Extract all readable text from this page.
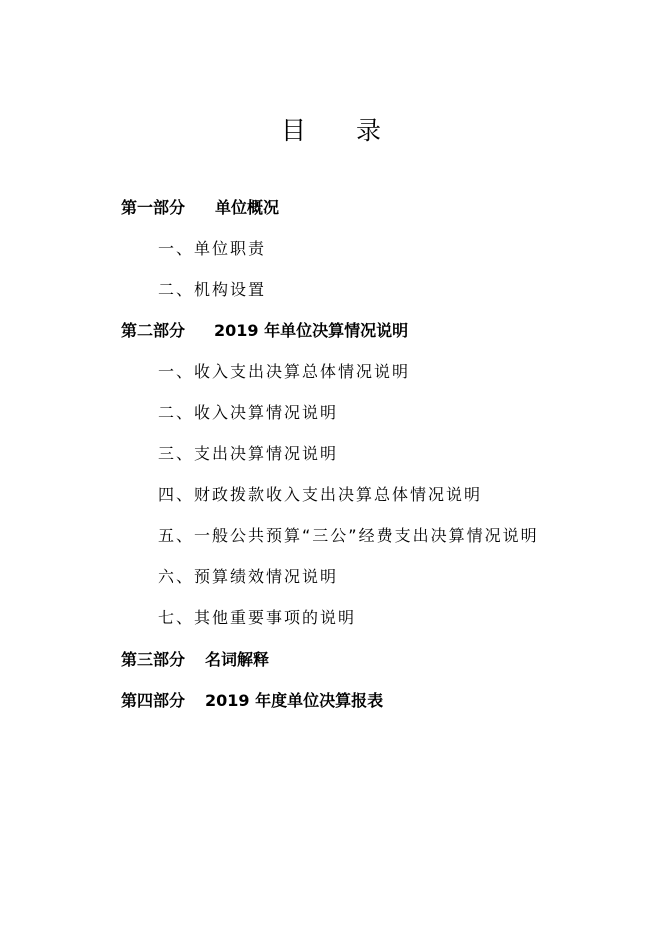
目 录
第一部分 单位概况
一、单位职责
二、机构设置
第二部分 2019 年单位决算情况说明
一、收入支出决算总体情况说明
二、收入决算情况说明
三、支出决算情况说明
四、财政拨款收入支出决算总体情况说明
五、一般公共预算“三公”经费支出决算情况说明
六、预算绩效情况说明
七、其他重要事项的说明
第三部分 名词解释
第四部分 2019 年度单位决算报表
